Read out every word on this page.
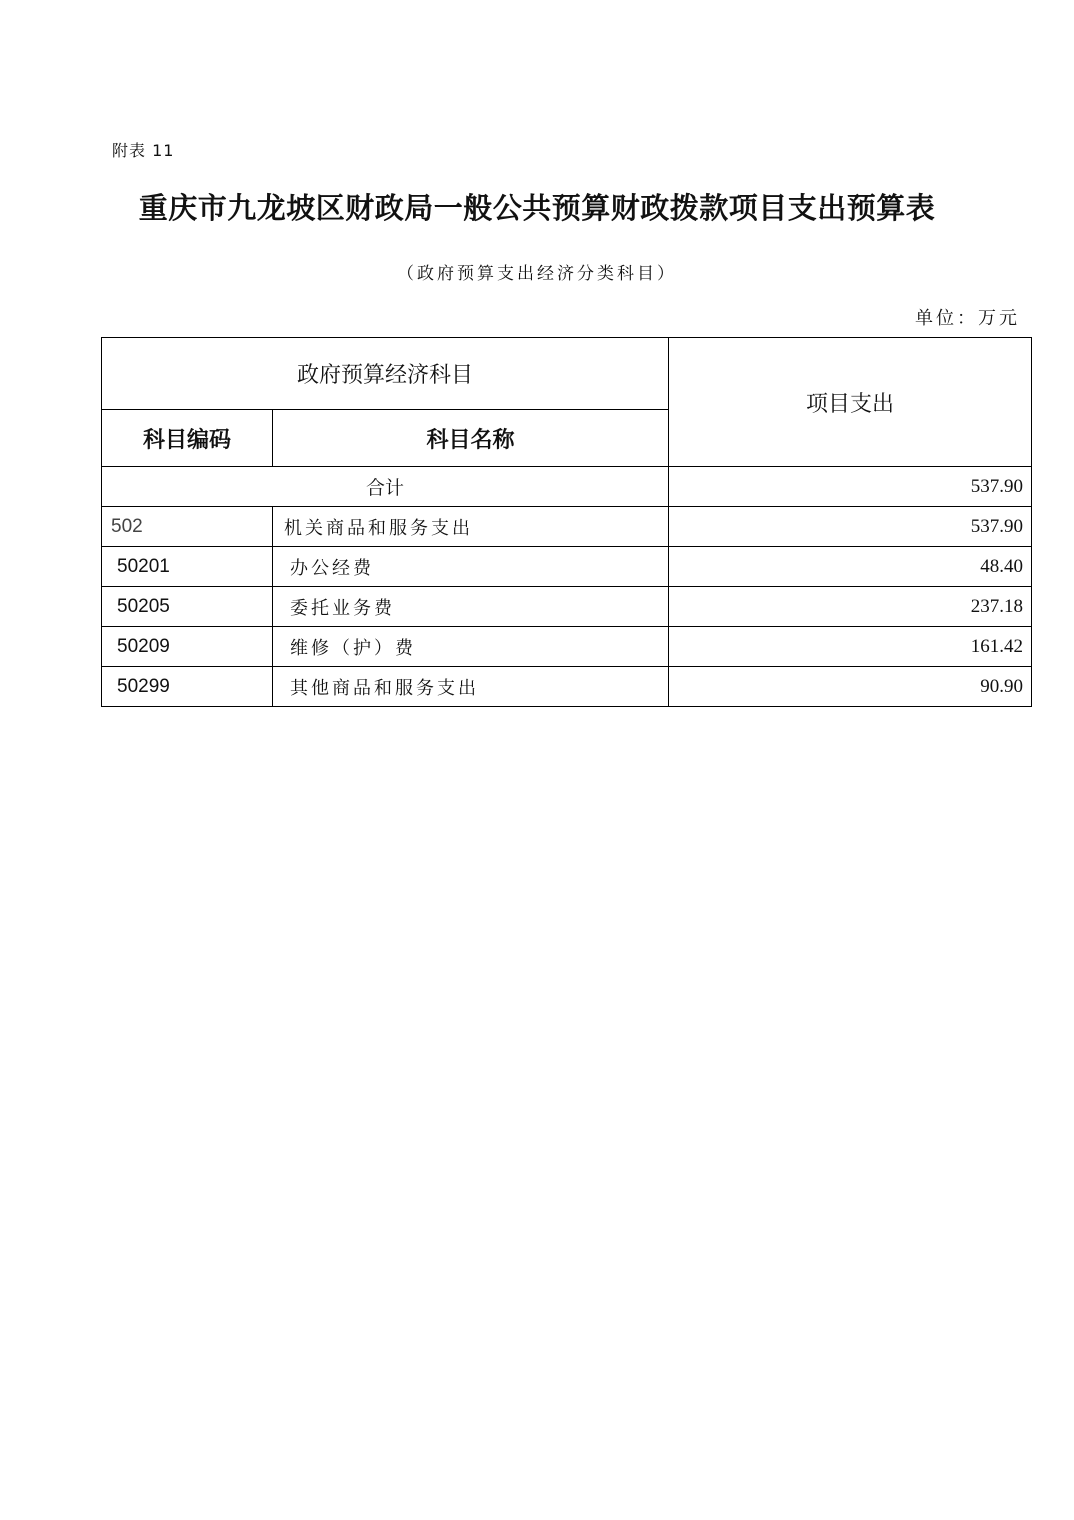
附表 11
重庆市九龙坡区财政局一般公共预算财政拨款项目支出预算表
（政府预算支出经济分类科目）
单位：万元
政府预算经济科目		项目支出
科目编码	科目名称	
合计		537.90
502	机关商品和服务支出	537.90
50201	办公经费	48.40
50205	委托业务费	237.18
50209	维修（护）费	161.42
50299	其他商品和服务支出	90.90
